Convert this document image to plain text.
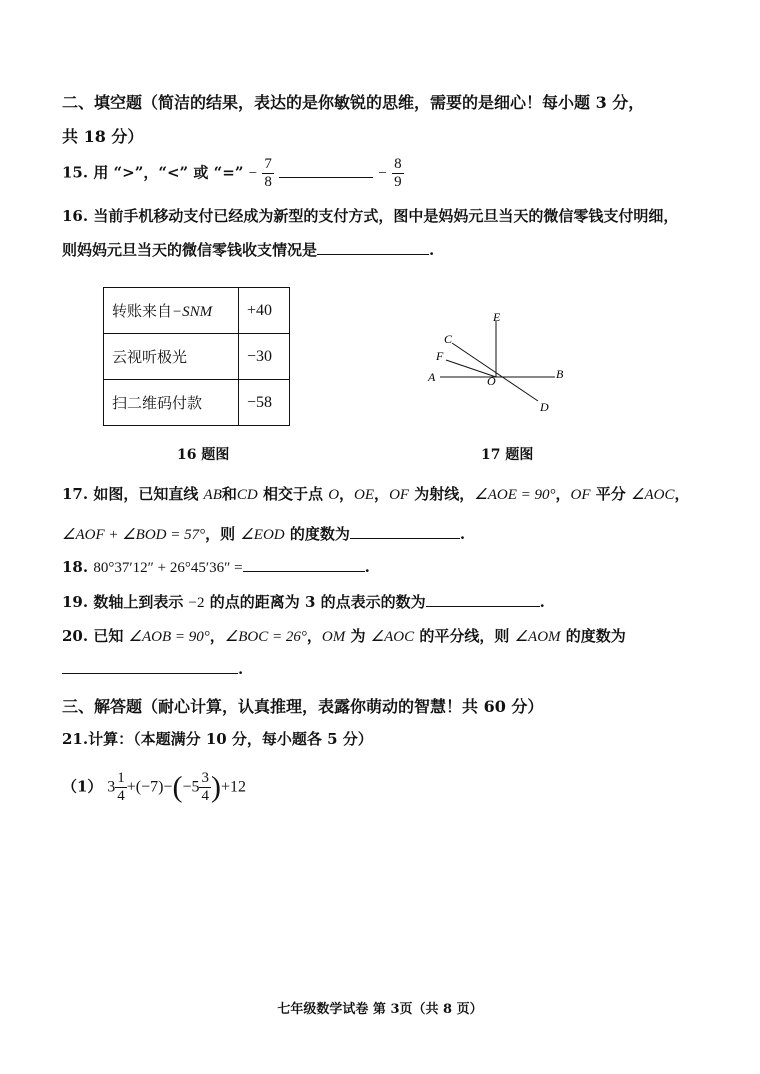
二、填空题（简洁的结果，表达的是你敏锐的思维，需要的是细心！每小题 3 分，
共 18 分）
15. 用 “>”，“<” 或 “=” − $\frac{7}{8}$	− $\frac{8}{9}$
16. 当前手机移动支付已经成为新型的支付方式，图中是妈妈元旦当天的微信零钱支付明细，
则妈妈元旦当天的微信零钱收支情况是	.
转账来自−SNM	+40
云视听极光	−30
扫二维码付款	−58
16 题图
E
C
F
A	O	B
D
17 题图
17. 如图，已知直线 AB和CD 相交于点 O，OE，OF 为射线，∠AOE = 90°，OF 平分 ∠AOC，
∠AOF + ∠BOD = 57°，则 ∠EOD 的度数为	.
18. 80°37′12″ + 26°45′36″ =	.
19. 数轴上到表示 −2 的点的距离为 3 的点表示的数为	.
20. 已知 ∠AOB = 90°，∠BOC = 26°，OM 为 ∠AOC 的平分线，则 ∠AOM 的度数为
.
三、解答题（耐心计算，认真推理，表露你萌动的智慧！共 60 分）
21.计算：（本题满分 10 分，每小题各 5 分）
（1） $3 \frac{1}{4} +(-7)-(-5 \frac{3}{4} )+12$
七年级数学试卷 第 3页（共 8 页）
